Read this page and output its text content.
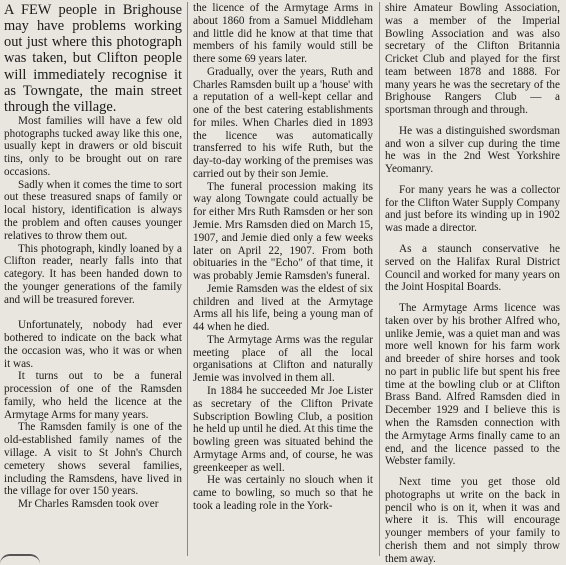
A FEW people in Brighouse may have problems working out just where this photograph was taken, but Clifton people will immediately recognise it as Towngate, the main street through the village.

Most families will have a few old photographs tucked away like this one, usually kept in drawers or old biscuit tins, only to be brought out on rare occasions.

Sadly when it comes the time to sort out these treasured snaps of family or local history, identification is always the problem and often causes younger relatives to throw them out.

This photograph, kindly loaned by a Clifton reader, nearly falls into that category. It has been handed down to the younger generations of the family and will be treasured forever.

Unfortunately, nobody had ever bothered to indicate on the back what the occasion was, who it was or when it was.

It turns out to be a funeral procession of one of the Ramsden family, who held the licence at the Armytage Arms for many years.

The Ramsden family is one of the old-established family names of the village. A visit to St John's Church cemetery shows several families, including the Ramsdens, have lived in the village for over 150 years.

Mr Charles Ramsden took over

the licence of the Armytage Arms in about 1860 from a Samuel Middleham and little did he know at that time that members of his family would still be there some 69 years later.

Gradually, over the years, Ruth and Charles Ramsden built up a 'house' with a reputation of a well-kept cellar and one of the best catering establishments for miles. When Charles died in 1893 the licence was automatically transferred to his wife Ruth, but the day-to-day working of the premises was carried out by their son Jemie.

The funeral procession making its way along Towngate could actually be for either Mrs Ruth Ramsden or her son Jemie. Mrs Ramsden died on March 15, 1907, and Jemie died only a few weeks later on April 22, 1907. From both obituaries in the "Echo" of that time, it was probably Jemie Ramsden's funeral.

Jemie Ramsden was the eldest of six children and lived at the Armytage Arms all his life, being a young man of 44 when he died.

The Armytage Arms was the regular meeting place of all the local organisations at Clifton and naturally Jemie was involved in them all.

In 1884 he succeeded Mr Joe Lister as secretary of the Clifton Private Subscription Bowling Club, a position he held up until he died. At this time the bowling green was situated behind the Armytage Arms and, of course, he was greenkeeper as well.

He was certainly no slouch when it came to bowling, so much so that he took a leading role in the York-

shire Amateur Bowling Association, was a member of the Imperial Bowling Association and was also secretary of the Clifton Britannia Cricket Club and played for the first team between 1878 and 1888. For many years he was the secretary of the Brighouse Rangers Club — a sportsman through and through.

He was a distinguished swordsman and won a silver cup during the time he was in the 2nd West Yorkshire Yeomanry.

For many years he was a collector for the Clifton Water Supply Company and just before its winding up in 1902 was made a director.

As a staunch conservative he served on the Halifax Rural District Council and worked for many years on the Joint Hospital Boards.

The Armytage Arms licence was taken over by his brother Alfred who, unlike Jemie, was a quiet man and was more well known for his farm work and breeder of shire horses and took no part in public life but spent his free time at the bowling club or at Clifton Brass Band. Alfred Ramsden died in December 1929 and I believe this is when the Ramsden connection with the Armytage Arms finally came to an end, and the licence passed to the Webster family.

Next time you get those old photographs ut write on the back in pencil who is on it, when it was and where it is. This will encourage younger members of your family to cherish them and not simply throw them away.
